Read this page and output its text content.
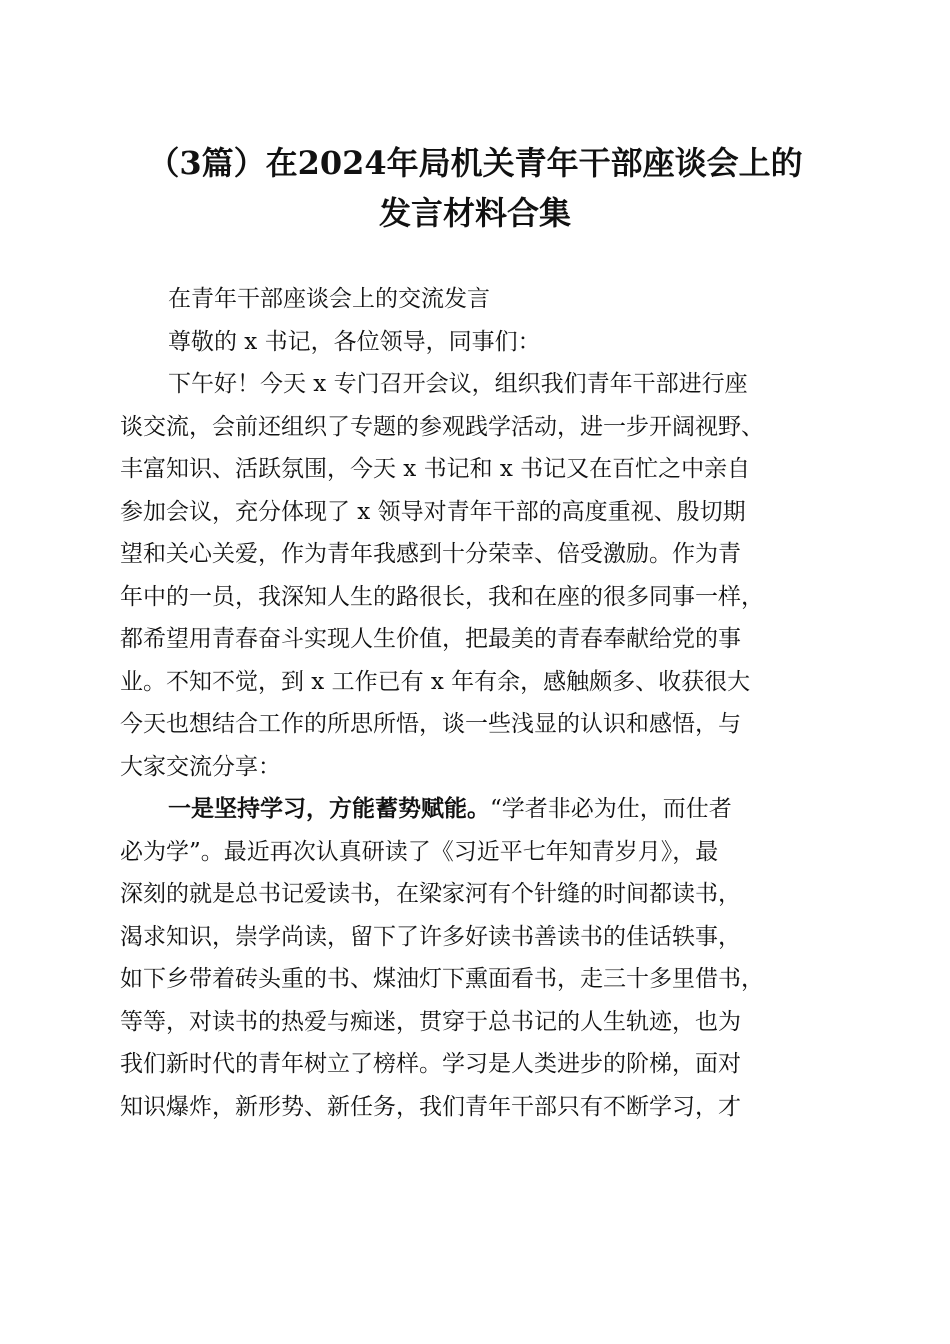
（3篇）在2024年局机关青年干部座谈会上的
发言材料合集
在青年干部座谈会上的交流发言
尊敬的 x 书记，各位领导，同事们：
下午好！今天 x 专门召开会议，组织我们青年干部进行座
谈交流，会前还组织了专题的参观践学活动，进一步开阔视野、
丰富知识、活跃氛围，今天 x 书记和 x 书记又在百忙之中亲自
参加会议，充分体现了 x 领导对青年干部的高度重视、殷切期
望和关心关爱，作为青年我感到十分荣幸、倍受激励。作为青
年中的一员，我深知人生的路很长，我和在座的很多同事一样，
都希望用青春奋斗实现人生价值，把最美的青春奉献给党的事
业。不知不觉，到 x 工作已有 x 年有余，感触颇多、收获很大
今天也想结合工作的所思所悟，谈一些浅显的认识和感悟，与
大家交流分享：
一是坚持学习，方能蓄势赋能。“学者非必为仕，而仕者
必为学”。最近再次认真研读了《习近平七年知青岁月》，最
深刻的就是总书记爱读书，在梁家河有个针缝的时间都读书，
渴求知识，崇学尚读，留下了许多好读书善读书的佳话轶事，
如下乡带着砖头重的书、煤油灯下熏面看书，走三十多里借书，
等等，对读书的热爱与痴迷，贯穿于总书记的人生轨迹，也为
我们新时代的青年树立了榜样。学习是人类进步的阶梯，面对
知识爆炸，新形势、新任务，我们青年干部只有不断学习，才
